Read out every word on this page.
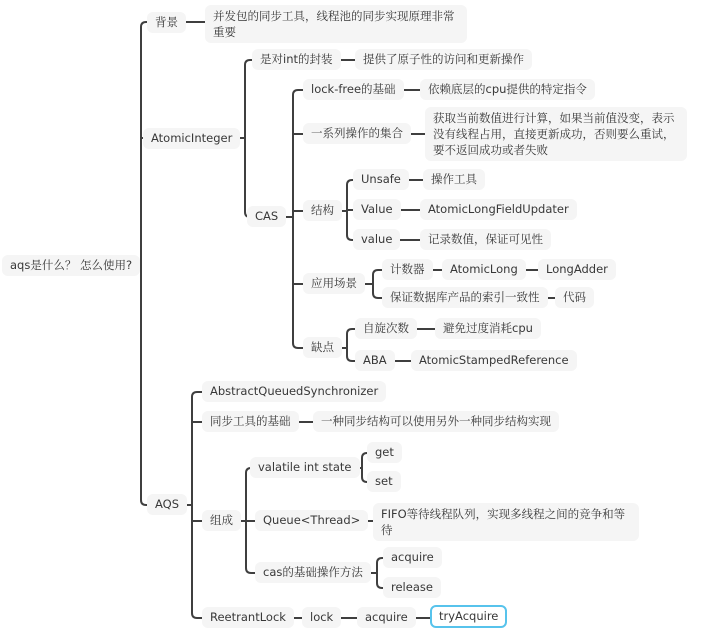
aqs是什么？ 怎么使用?
背景	并发包的同步工具，线程池的同步实现原理非常重要
AtomicInteger
是对int的封装	提供了原子性的访问和更新操作
CAS
lock-free的基础	依赖底层的cpu提供的特定指令
一系列操作的集合
获取当前数值进行计算，如果当前值没变，表示没有线程占用，直接更新成功，否则要么重试，要不返回成功或者失败
结构
Unsafe	操作工具
Value	AtomicLongFieldUpdater
value	记录数值，保证可见性
应用场景
计数器	AtomicLong	LongAdder
保证数据库产品的索引一致性	代码
缺点
自旋次数	避免过度消耗cpu
ABA	AtomicStampedReference
AQS
AbstractQueuedSynchronizer
同步工具的基础	一种同步结构可以使用另外一种同步结构实现
组成
valatile int state
get
set
Queue<Thread>	FIFO等待线程队列，实现多线程之间的竞争和等待
cas的基础操作方法
acquire
release
ReetrantLock	lock	acquire	tryAcquire
